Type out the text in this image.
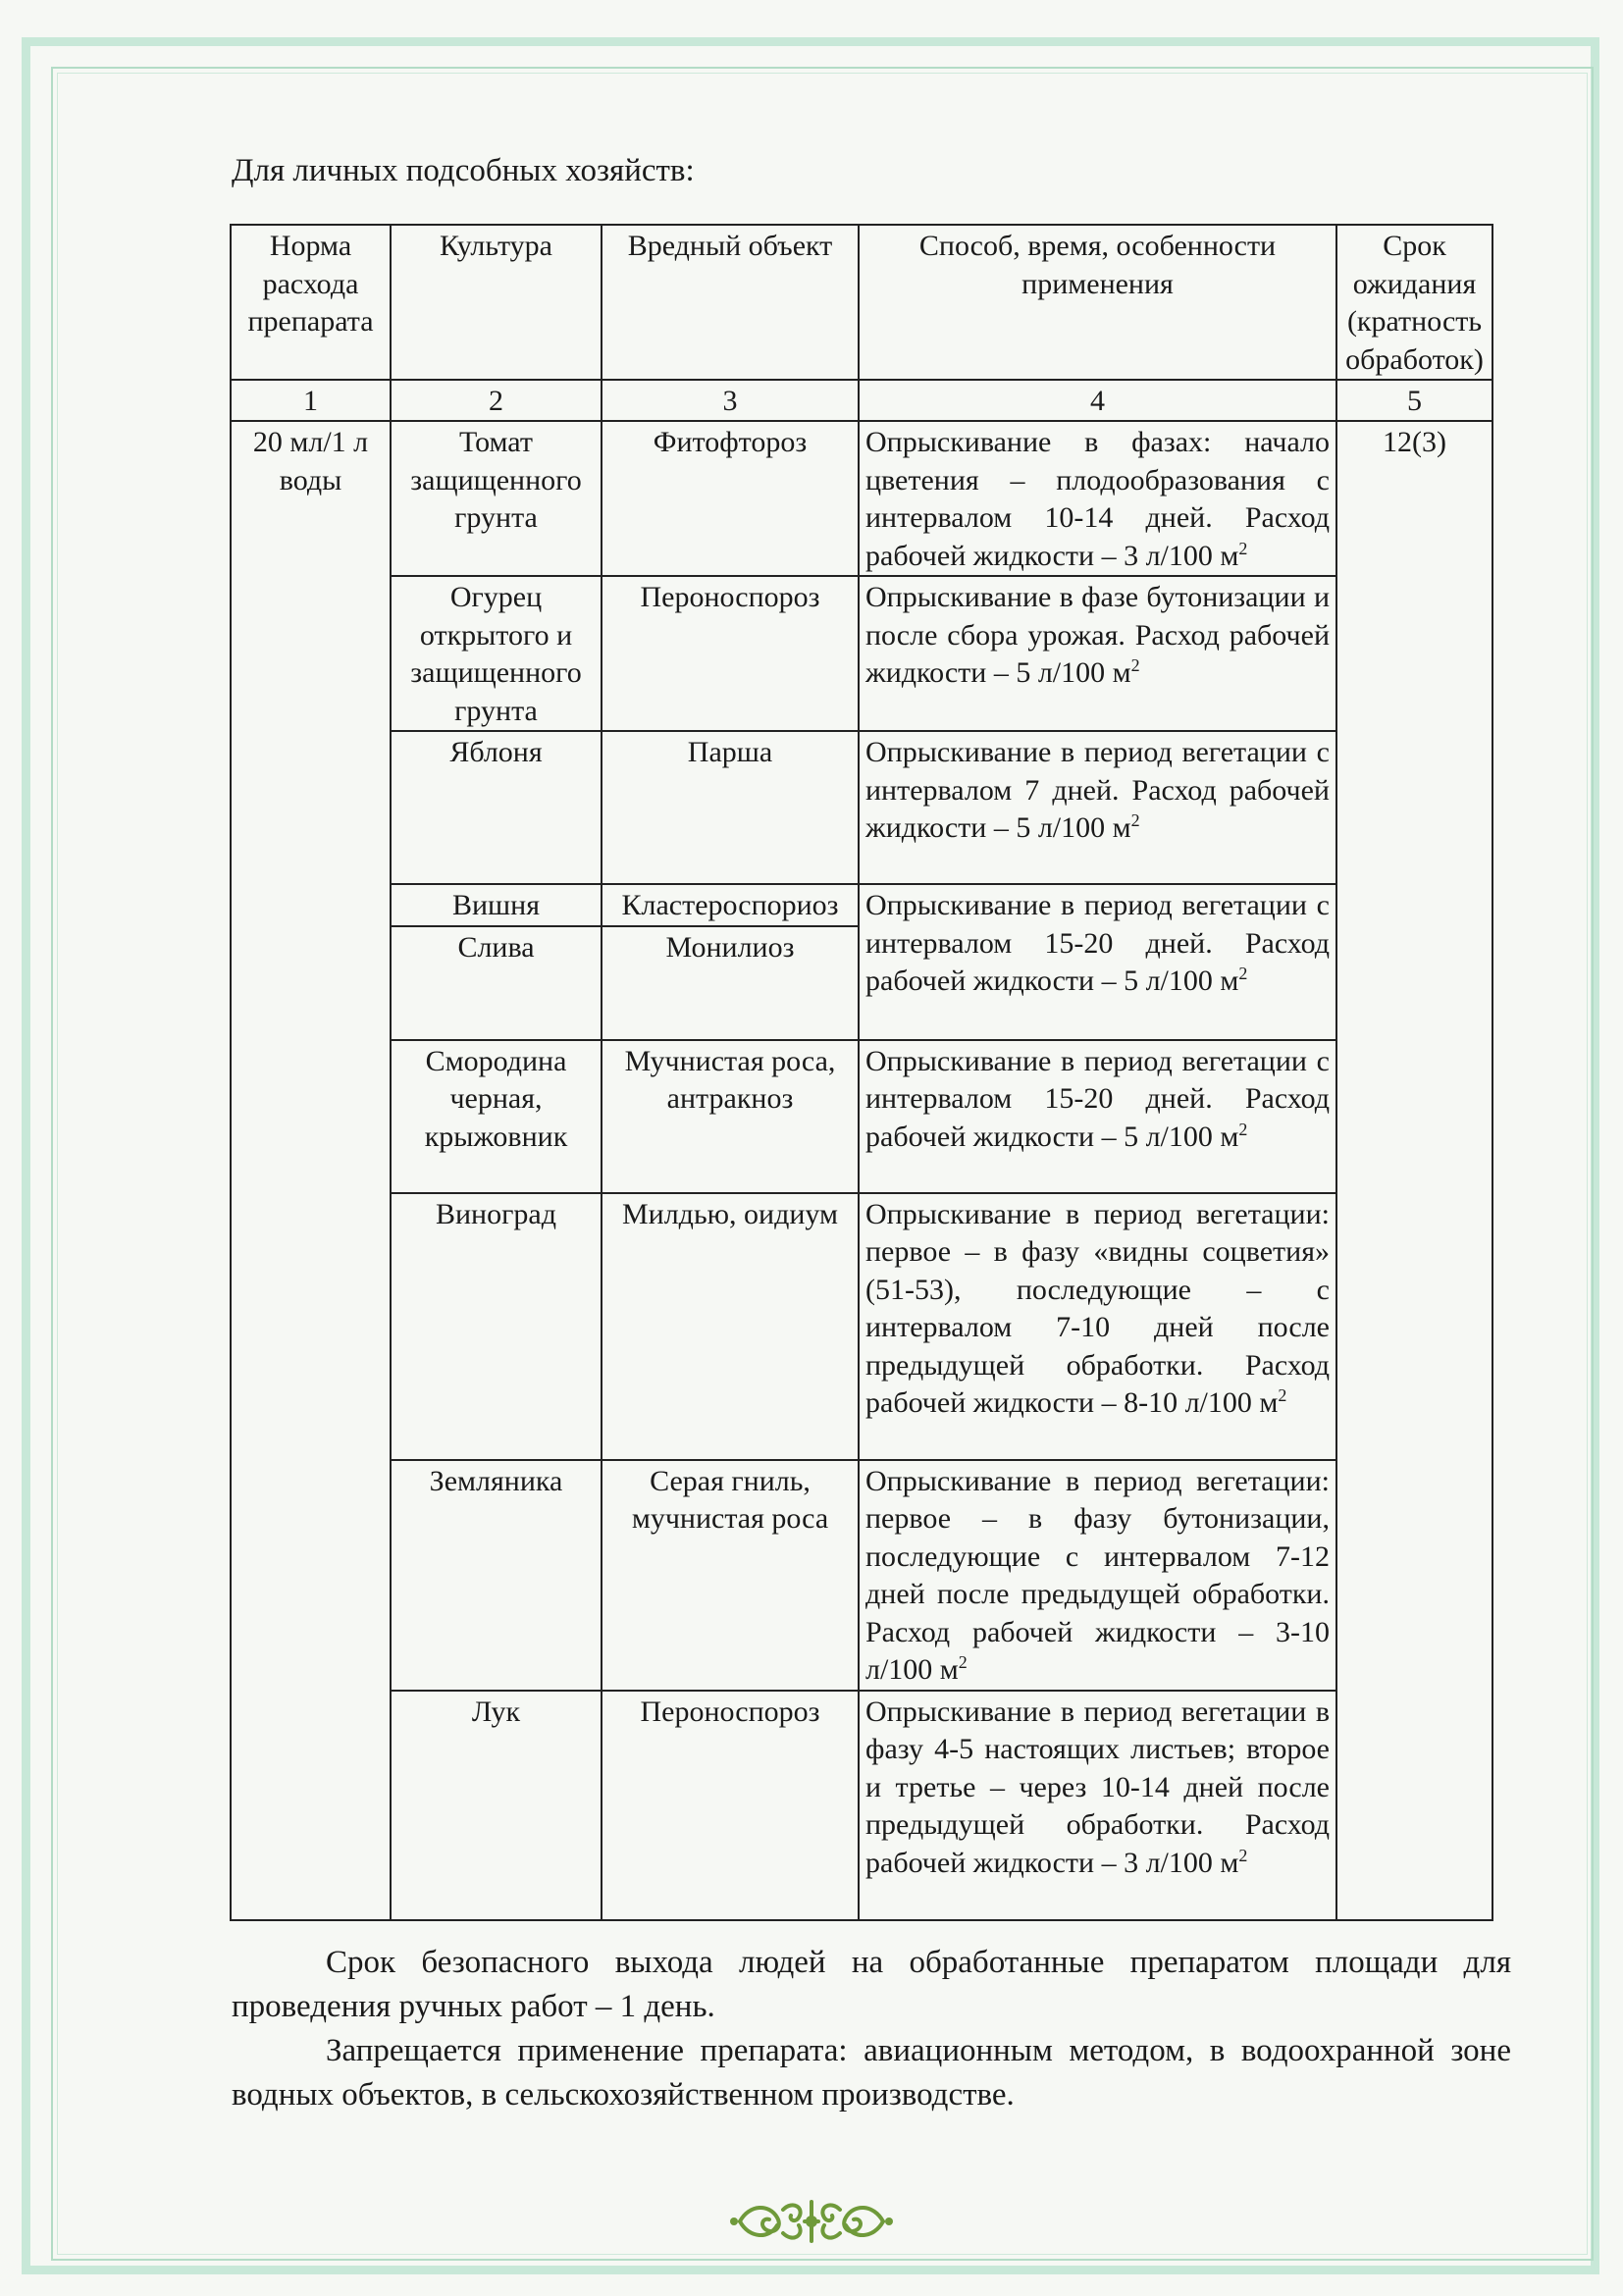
Для личных подсобных хозяйств:
Норма расхода препарата	Культура	Вредный объект	Способ, время, особенности применения	Срок ожидания (кратность обработок)
1	2	3	4	5
20 мл/1 л воды	Томат защищенного грунта	Фитофтороз	Опрыскивание в фазах: начало цветения – плодообразования с интервалом 10-14 дней. Расход рабочей жидкости – 3 л/100 $м^2$	12(3)
	Огурец открытого и защищенного грунта	Пероноспороз	Опрыскивание в фазе бутонизации и после сбора урожая. Расход рабочей жидкости – 5 л/100 $м^2$
	Яблоня	Парша	Опрыскивание в период вегетации с интервалом 7 дней. Расход рабочей жидкости – 5 л/100 $м^2$
	Вишня	Кластероспориоз	Опрыскивание в период вегетации с интервалом 15-20 дней. Расход рабочей жидкости – 5 л/100 $м^2$
	Слива	Монилиоз		
	Смородина черная, крыжовник	Мучнистая роса, антракноз	Опрыскивание в период вегетации с интервалом 15-20 дней. Расход рабочей жидкости – 5 л/100 $м^2$
	Виноград	Милдью, оидиум	Опрыскивание в период вегетации: первое – в фазу «видны соцветия» (51-53), последующие – с интервалом 7-10 дней после предыдущей обработки. Расход рабочей жидкости – 8-10 л/100 $м^2$
	Земляника	Серая гниль, мучнистая роса	Опрыскивание в период вегетации: первое – в фазу бутонизации, последующие с интервалом 7-12 дней после предыдущей обработки. Расход рабочей жидкости – 3-10 л/100 $м^2$
	Лук	Пероноспороз	Опрыскивание в период вегетации в фазу 4-5 настоящих листьев; второе и третье – через 10-14 дней после предыдущей обработки. Расход рабочей жидкости – 3 л/100 $м^2$

Срок безопасного выхода людей на обработанные препаратом площади для проведения ручных работ – 1 день.
Запрещается применение препарата: авиационным методом, в водоохранной зоне водных объектов, в сельскохозяйственном производстве.
